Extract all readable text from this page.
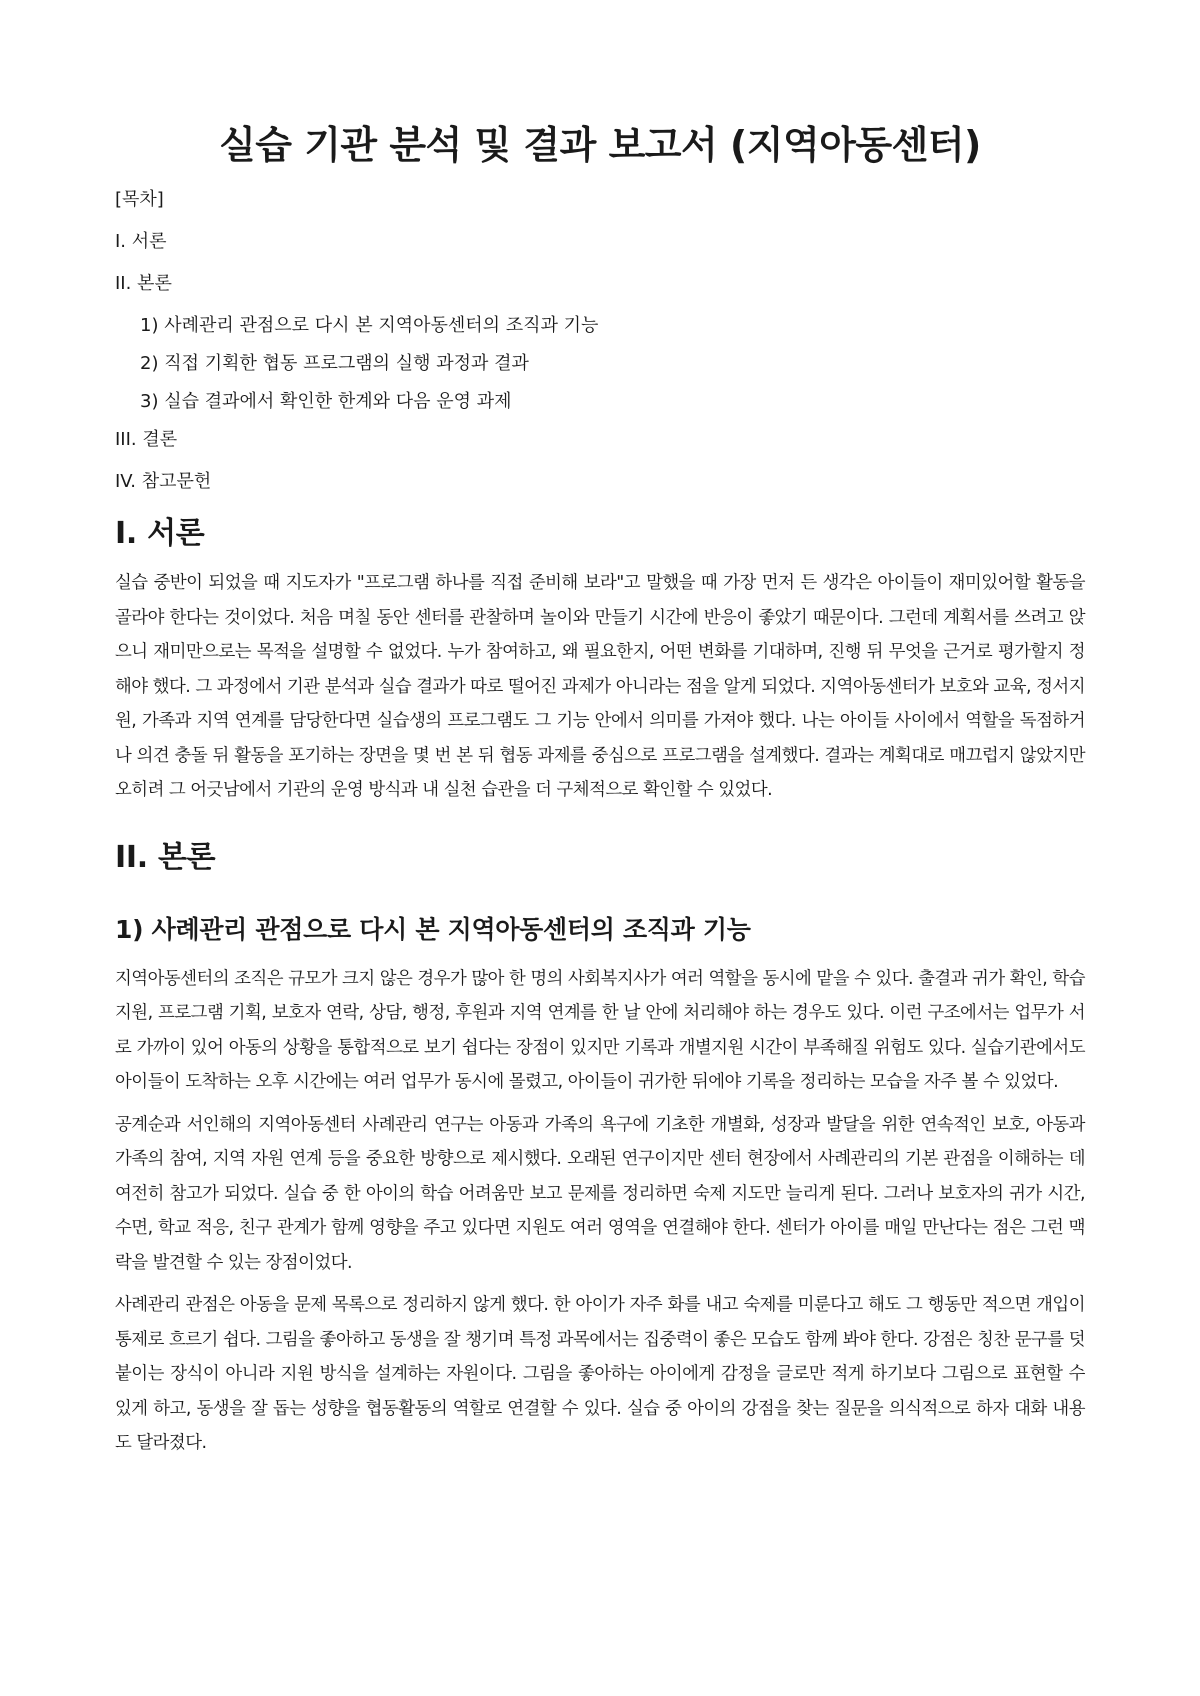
실습 기관 분석 및 결과 보고서 (지역아동센터)
[목차]
I. 서론
II. 본론
1) 사례관리 관점으로 다시 본 지역아동센터의 조직과 기능
2) 직접 기획한 협동 프로그램의 실행 과정과 결과
3) 실습 결과에서 확인한 한계와 다음 운영 과제
III. 결론
IV. 참고문헌
I. 서론

실습 중반이 되었을 때 지도자가 "프로그램 하나를 직접 준비해 보라"고 말했을 때 가장 먼저 든 생각은 아이들이 재미있어할 활동을 골라야 한다는 것이었다. 처음 며칠 동안 센터를 관찰하며 놀이와 만들기 시간에 반응이 좋았기 때문이다. 그런데 계획서를 쓰려고 앉으니 재미만으로는 목적을 설명할 수 없었다. 누가 참여하고, 왜 필요한지, 어떤 변화를 기대하며, 진행 뒤 무엇을 근거로 평가할지 정해야 했다. 그 과정에서 기관 분석과 실습 결과가 따로 떨어진 과제가 아니라는 점을 알게 되었다. 지역아동센터가 보호와 교육, 정서지원, 가족과 지역 연계를 담당한다면 실습생의 프로그램도 그 기능 안에서 의미를 가져야 했다. 나는 아이들 사이에서 역할을 독점하거나 의견 충돌 뒤 활동을 포기하는 장면을 몇 번 본 뒤 협동 과제를 중심으로 프로그램을 설계했다. 결과는 계획대로 매끄럽지 않았지만 오히려 그 어긋남에서 기관의 운영 방식과 내 실천 습관을 더 구체적으로 확인할 수 있었다.

II. 본론
1) 사례관리 관점으로 다시 본 지역아동센터의 조직과 기능

지역아동센터의 조직은 규모가 크지 않은 경우가 많아 한 명의 사회복지사가 여러 역할을 동시에 맡을 수 있다. 출결과 귀가 확인, 학습지원, 프로그램 기획, 보호자 연락, 상담, 행정, 후원과 지역 연계를 한 날 안에 처리해야 하는 경우도 있다. 이런 구조에서는 업무가 서로 가까이 있어 아동의 상황을 통합적으로 보기 쉽다는 장점이 있지만 기록과 개별지원 시간이 부족해질 위험도 있다. 실습기관에서도 아이들이 도착하는 오후 시간에는 여러 업무가 동시에 몰렸고, 아이들이 귀가한 뒤에야 기록을 정리하는 모습을 자주 볼 수 있었다.

공계순과 서인해의 지역아동센터 사례관리 연구는 아동과 가족의 욕구에 기초한 개별화, 성장과 발달을 위한 연속적인 보호, 아동과 가족의 참여, 지역 자원 연계 등을 중요한 방향으로 제시했다. 오래된 연구이지만 센터 현장에서 사례관리의 기본 관점을 이해하는 데 여전히 참고가 되었다. 실습 중 한 아이의 학습 어려움만 보고 문제를 정리하면 숙제 지도만 늘리게 된다. 그러나 보호자의 귀가 시간, 수면, 학교 적응, 친구 관계가 함께 영향을 주고 있다면 지원도 여러 영역을 연결해야 한다. 센터가 아이를 매일 만난다는 점은 그런 맥락을 발견할 수 있는 장점이었다.

사례관리 관점은 아동을 문제 목록으로 정리하지 않게 했다. 한 아이가 자주 화를 내고 숙제를 미룬다고 해도 그 행동만 적으면 개입이 통제로 흐르기 쉽다. 그림을 좋아하고 동생을 잘 챙기며 특정 과목에서는 집중력이 좋은 모습도 함께 봐야 한다. 강점은 칭찬 문구를 덧붙이는 장식이 아니라 지원 방식을 설계하는 자원이다. 그림을 좋아하는 아이에게 감정을 글로만 적게 하기보다 그림으로 표현할 수 있게 하고, 동생을 잘 돕는 성향을 협동활동의 역할로 연결할 수 있다. 실습 중 아이의 강점을 찾는 질문을 의식적으로 하자 대화 내용도 달라졌다.
